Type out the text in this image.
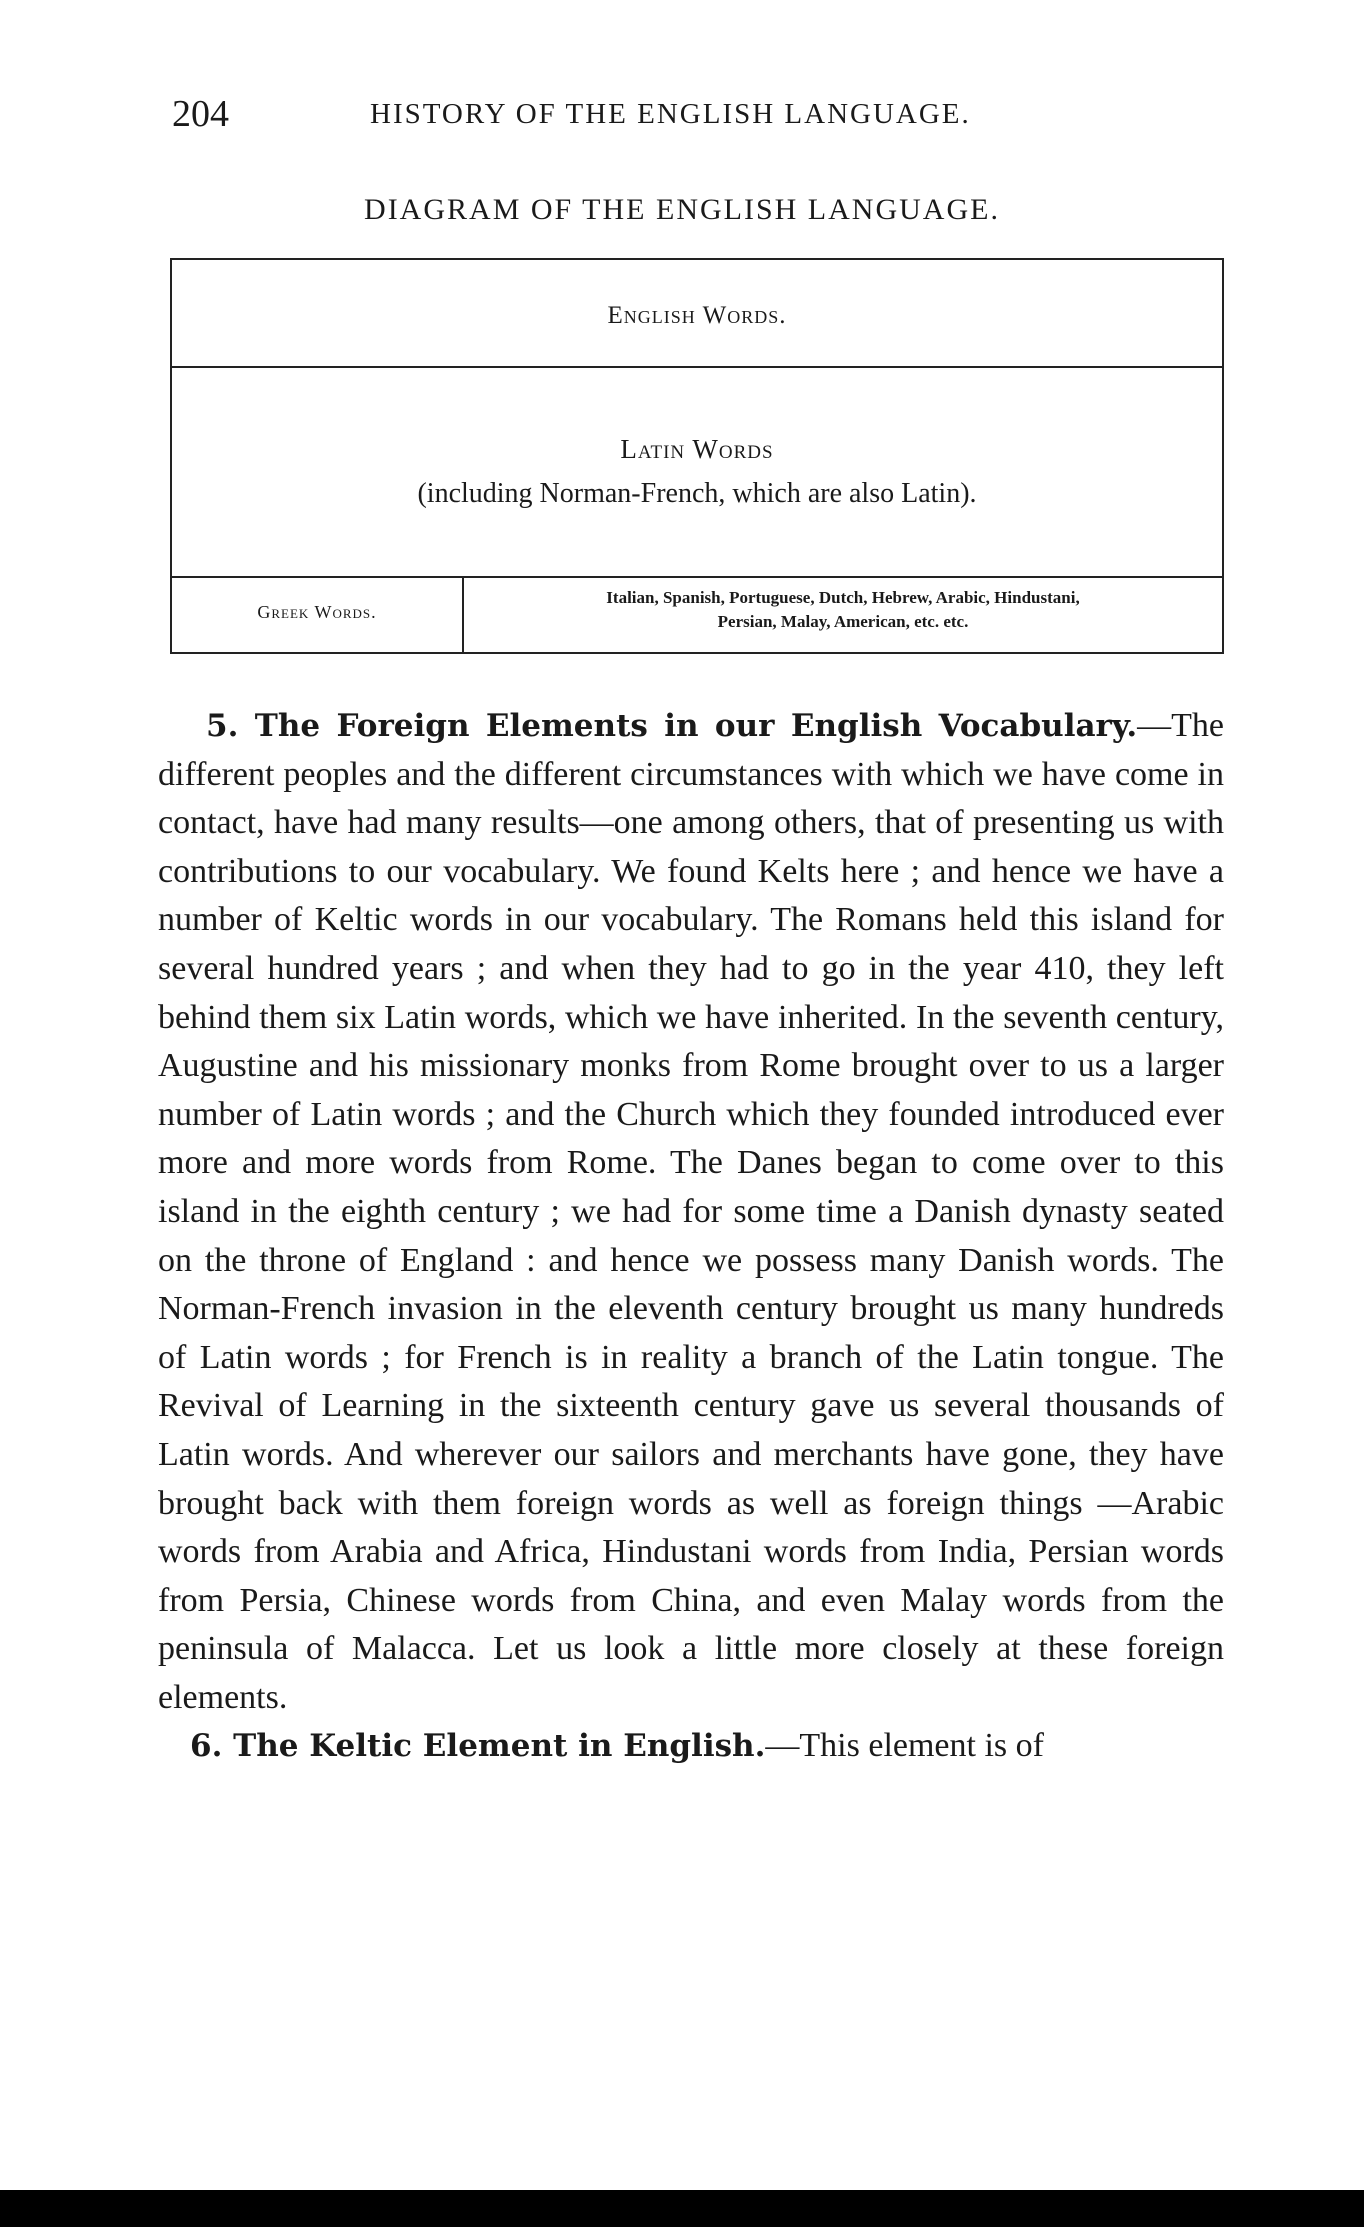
204	HISTORY OF THE ENGLISH LANGUAGE.
DIAGRAM OF THE ENGLISH LANGUAGE.
English Words.
Latin Words
(including Norman-French, which are also Latin).
Greek Words.
Italian, Spanish, Portuguese, Dutch, Hebrew, Arabic, Hindustani,
Persian, Malay, American, etc. etc.

5. The Foreign Elements in our English Vocabulary.—The different peoples and the different circumstances with which we have come in contact, have had many results—one among others, that of presenting us with contributions to our vocabulary. We found Kelts here ; and hence we have a number of Keltic words in our vocabulary. The Romans held this island for several hundred years ; and when they had to go in the year 410, they left behind them six Latin words, which we have inherited. In the seventh century, Augustine and his missionary monks from Rome brought over to us a larger number of Latin words ; and the Church which they founded introduced ever more and more words from Rome. The Danes began to come over to this island in the eighth century ; we had for some time a Danish dynasty seated on the throne of England : and hence we possess many Danish words. The Norman-French invasion in the eleventh century brought us many hundreds of Latin words ; for French is in reality a branch of the Latin tongue. The Revival of Learning in the sixteenth century gave us several thousands of Latin words. And wherever our sailors and merchants have gone, they have brought back with them foreign words as well as foreign things —Arabic words from Arabia and Africa, Hindustani words from India, Persian words from Persia, Chinese words from China, and even Malay words from the peninsula of Malacca. Let us look a little more closely at these foreign elements.

6. The Keltic Element in English.—This element is of
